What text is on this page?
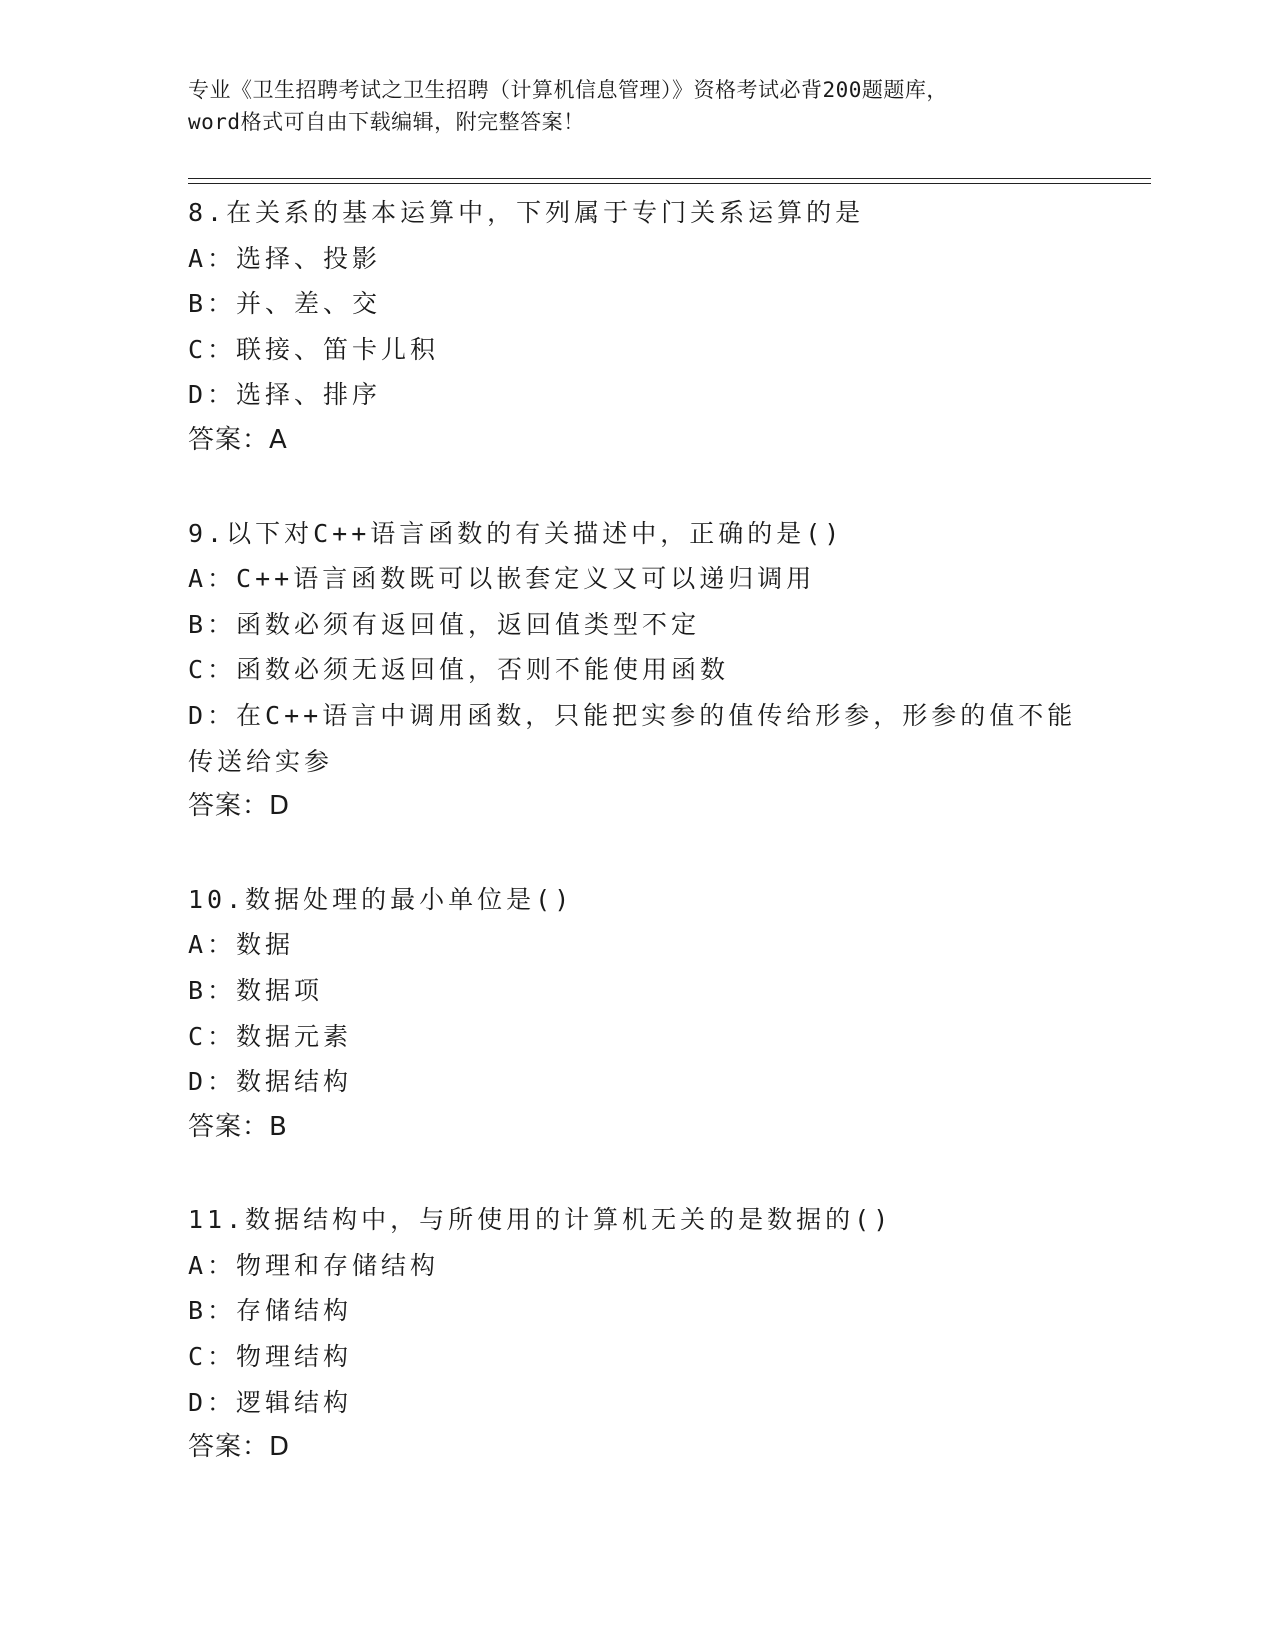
专业《卫生招聘考试之卫生招聘（计算机信息管理）》资格考试必背200题题库，
word格式可自由下载编辑，附完整答案！
8.在关系的基本运算中，下列属于专门关系运算的是
A：选择、投影
B：并、差、交
C：联接、笛卡儿积
D：选择、排序
答案：A
9.以下对C++语言函数的有关描述中，正确的是()
A：C++语言函数既可以嵌套定义又可以递归调用
B：函数必须有返回值，返回值类型不定
C：函数必须无返回值，否则不能使用函数
D：在C++语言中调用函数，只能把实参的值传给形参，形参的值不能传送给实参
答案：D
10.数据处理的最小单位是()
A：数据
B：数据项
C：数据元素
D：数据结构
答案：B
11.数据结构中，与所使用的计算机无关的是数据的()
A：物理和存储结构
B：存储结构
C：物理结构
D：逻辑结构
答案：D
